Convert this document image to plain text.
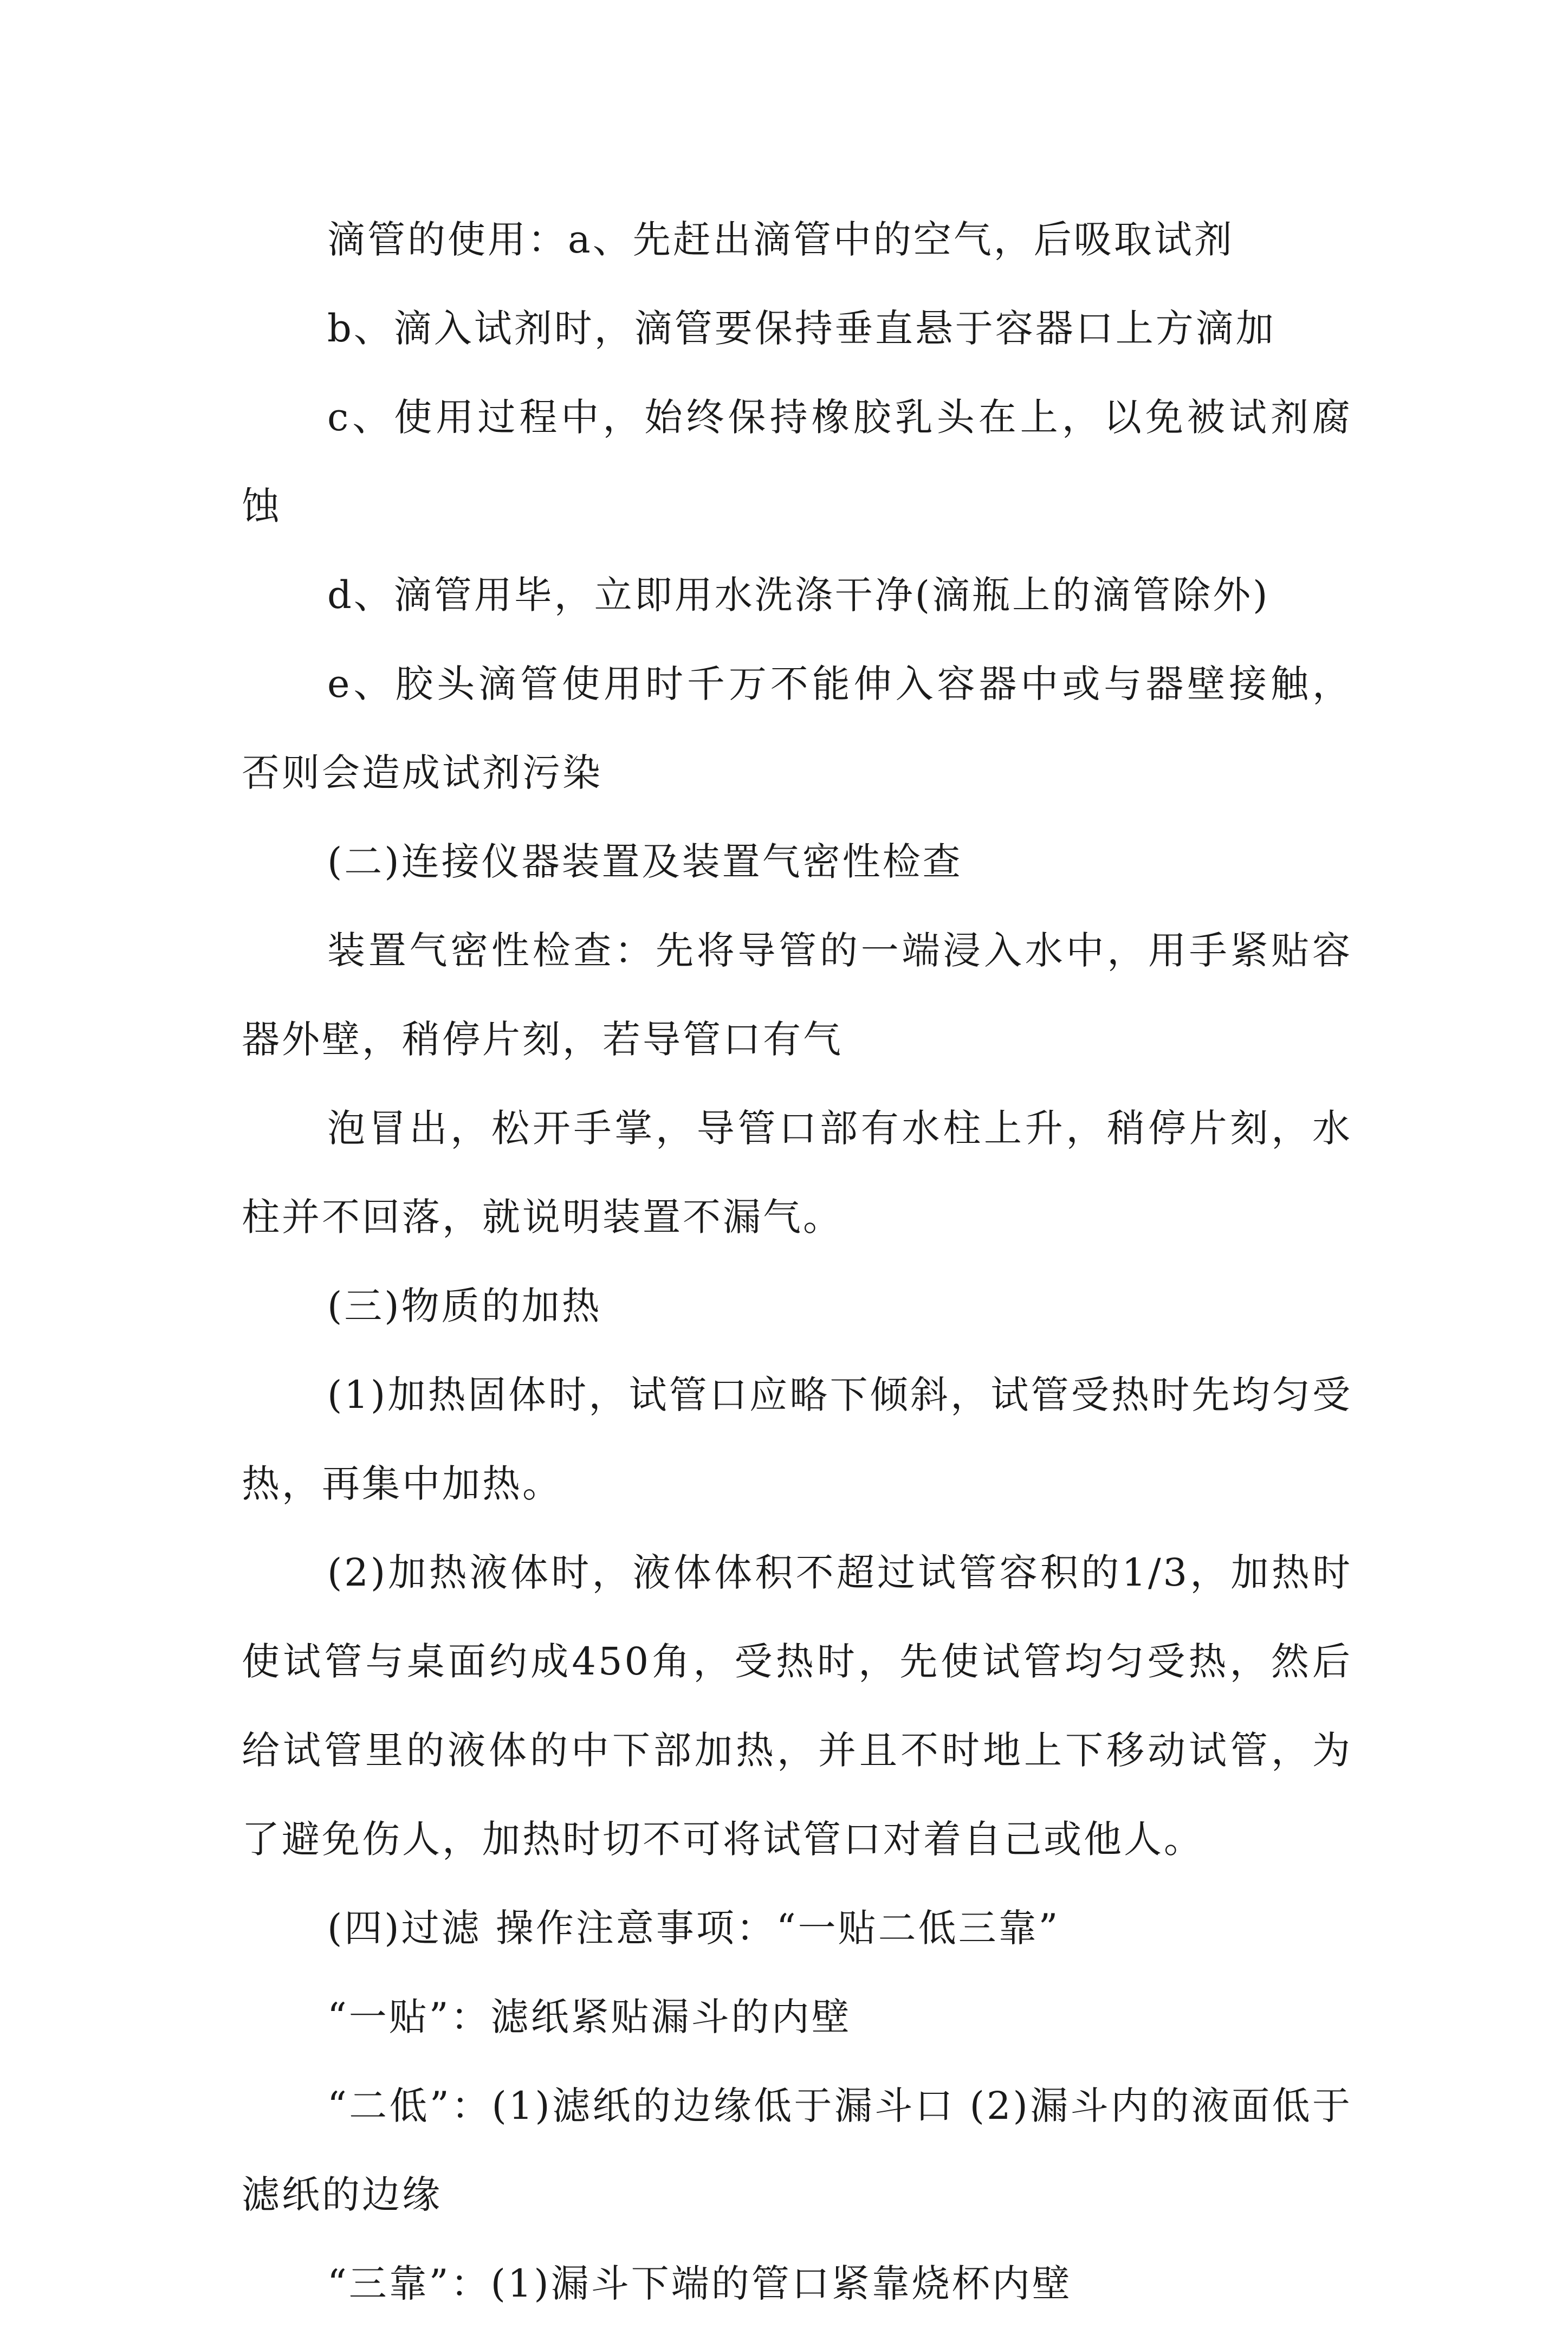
滴管的使用：a、先赶出滴管中的空气，后吸取试剂

b、滴入试剂时，滴管要保持垂直悬于容器口上方滴加

c、使用过程中，始终保持橡胶乳头在上，以免被试剂腐蚀

d、滴管用毕，立即用水洗涤干净(滴瓶上的滴管除外)

e、胶头滴管使用时千万不能伸入容器中或与器壁接触，否则会造成试剂污染

(二)连接仪器装置及装置气密性检查

装置气密性检查：先将导管的一端浸入水中，用手紧贴容器外壁，稍停片刻，若导管口有气

泡冒出，松开手掌，导管口部有水柱上升，稍停片刻，水柱并不回落，就说明装置不漏气。

(三)物质的加热

(1)加热固体时，试管口应略下倾斜，试管受热时先均匀受热，再集中加热。

(2)加热液体时，液体体积不超过试管容积的1/3，加热时使试管与桌面约成450角，受热时，先使试管均匀受热，然后给试管里的液体的中下部加热，并且不时地上下移动试管，为了避免伤人，加热时切不可将试管口对着自己或他人。

(四)过滤 操作注意事项：“一贴二低三靠”

“一贴”：滤纸紧贴漏斗的内壁

“二低”：(1)滤纸的边缘低于漏斗口 (2)漏斗内的液面低于滤纸的边缘

“三靠”：(1)漏斗下端的管口紧靠烧杯内壁
